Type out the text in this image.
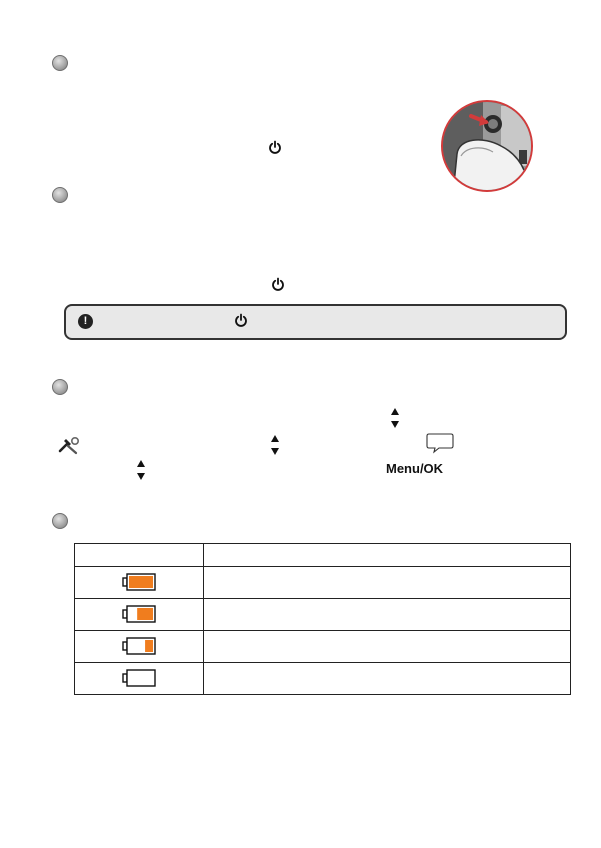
!
Menu/OK
